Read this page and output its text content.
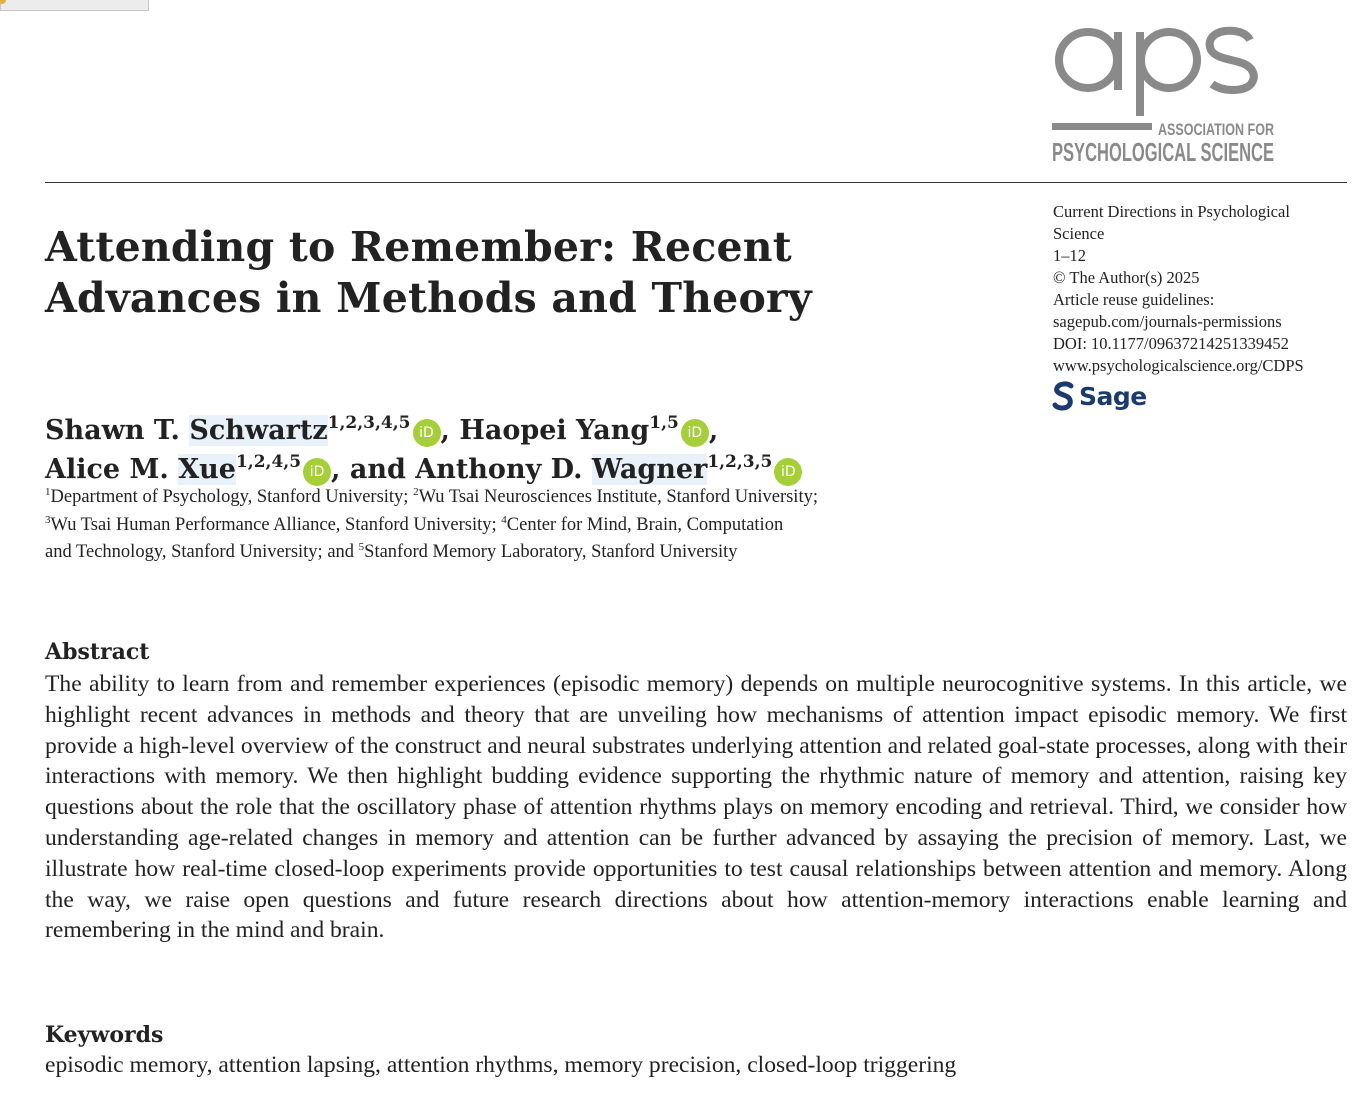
ASSOCIATION FOR
PSYCHOLOGICAL SCIENCE
Attending to Remember: Recent Advances in Methods and Theory
Current Directions in Psychological
Science
1–12
© The Author(s) 2025
Article reuse guidelines:
sagepub.com/journals-permissions
DOI: 10.1177/09637214251339452
www.psychologicalscience.org/CDPS
Sage
Shawn T. Schwartz$^{1,2,3,4,5}$ iD , Haopei Yang$^{1,5}$ iD ,
Alice M. Xue$^{1,2,4,5}$ iD , and Anthony D. Wagner$^{1,2,3,5}$ iD
$^1$Department of Psychology, Stanford University; $^2$Wu Tsai Neurosciences Institute, Stanford University;
$^3$Wu Tsai Human Performance Alliance, Stanford University; $^4$Center for Mind, Brain, Computation
and Technology, Stanford University; and $^5$Stanford Memory Laboratory, Stanford University
Abstract

The ability to learn from and remember experiences (episodic memory) depends on multiple neurocognitive systems. In this article, we highlight recent advances in methods and theory that are unveiling how mechanisms of attention impact episodic memory. We first provide a high-level overview of the construct and neural substrates underlying attention and related goal-state processes, along with their interactions with memory. We then highlight budding evidence supporting the rhythmic nature of memory and attention, raising key questions about the role that the oscillatory phase of attention rhythms plays on memory encoding and retrieval. Third, we consider how understanding age-related changes in memory and attention can be further advanced by assaying the precision of memory. Last, we illustrate how real-time closed-loop experiments provide opportunities to test causal relationships between attention and memory. Along the way, we raise open questions and future research directions about how attention-memory interactions enable learning and remembering in the mind and brain.

Keywords

episodic memory, attention lapsing, attention rhythms, memory precision, closed-loop triggering
